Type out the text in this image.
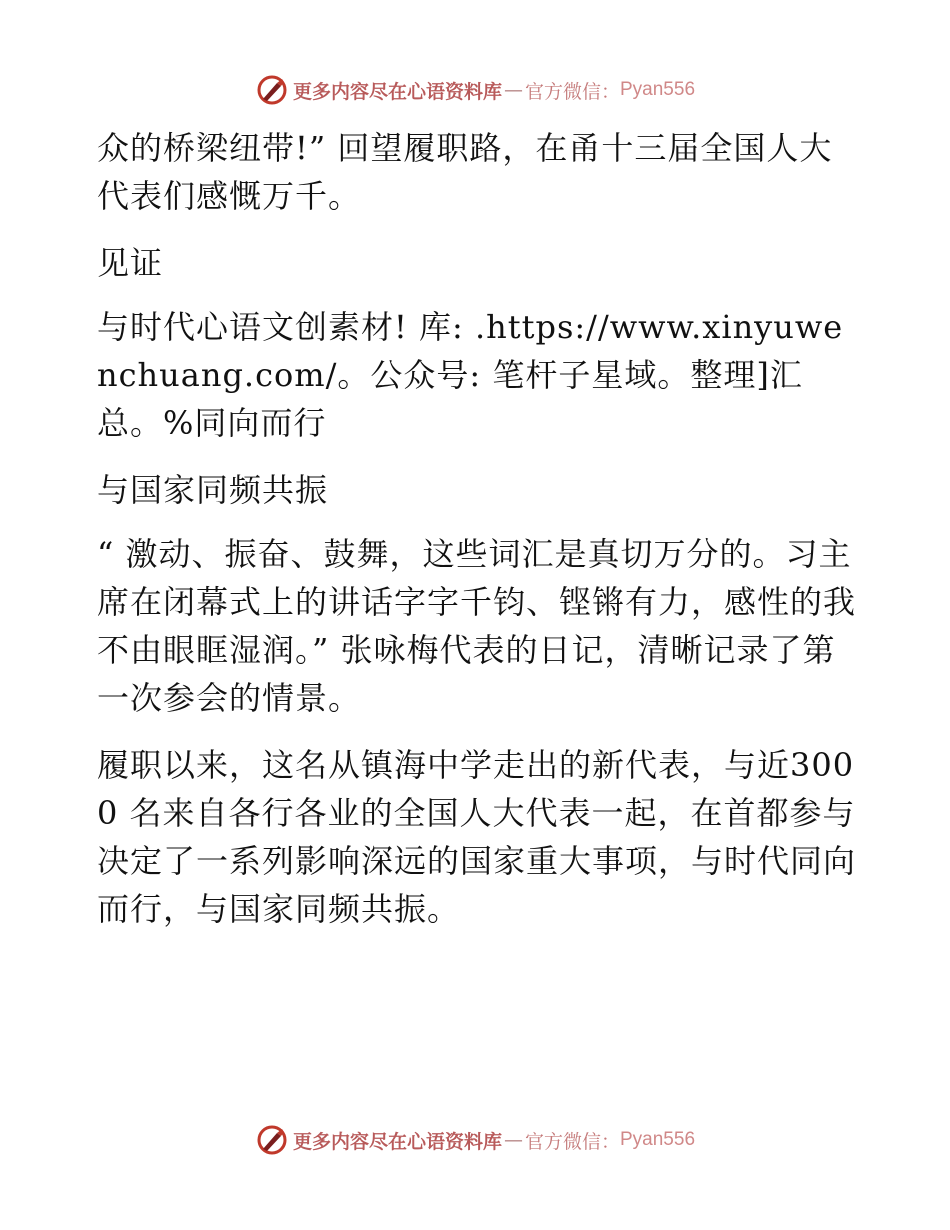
更多内容尽在心语资料库 — 官方微信： Pyan556

众的桥梁纽带!” 回望履职路，在甬十三届全国人大代表们感慨万千。

见证

与时代心语文创素材! 库: .https://www.xinyuwenchuang.com/。公众号: 笔杆子星域。整理]汇总。%同向而行

与国家同频共振

“ 激动、振奋、鼓舞，这些词汇是真切万分的。习主席在闭幕式上的讲话字字千钧、铿锵有力，感性的我不由眼眶湿润。” 张咏梅代表的日记，清晰记录了第一次参会的情景。

履职以来，这名从镇海中学走出的新代表，与近3000 名来自各行各业的全国人大代表一起，在首都参与决定了一系列影响深远的国家重大事项，与时代同向而行，与国家同频共振。

更多内容尽在心语资料库 — 官方微信： Pyan556
